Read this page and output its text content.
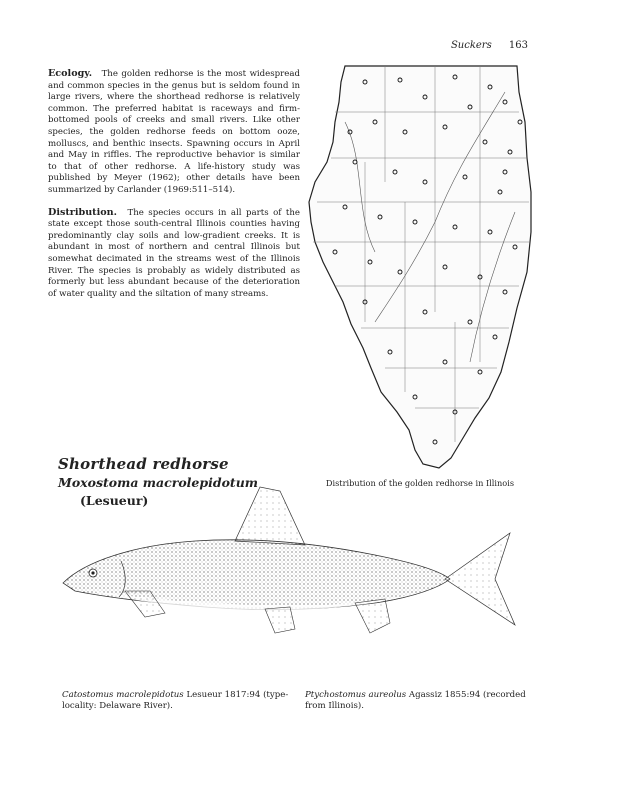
Suckers 163

Ecology. The golden redhorse is the most widespread and common species in the genus but is seldom found in large rivers, where the shorthead redhorse is relatively common. The preferred habitat is raceways and firm-bottomed pools of creeks and small rivers. Like other species, the golden redhorse feeds on bottom ooze, molluscs, and benthic insects. Spawning occurs in April and May in riffles. The reproductive behavior is similar to that of other redhorse. A life-history study was published by Meyer (1962); other details have been summarized by Carlander (1969:511–514).

Distribution. The species occurs in all parts of the state except those south-central Illinois counties having predominantly clay soils and low-gradient creeks. It is abundant in most of northern and central Illinois but somewhat decimated in the streams west of the Illinois River. The species is probably as widely distributed as formerly but less abundant because of the deterioration of water quality and the siltation of many streams.

Distribution of the golden redhorse in Illinois
Shorthead redhorse
Moxostoma macrolepidotum
(Lesueur)
Catostomus macrolepidotus Lesueur 1817:94 (type-locality: Delaware River).
Ptychostomus aureolus Agassiz 1855:94 (recorded from Illinois).
